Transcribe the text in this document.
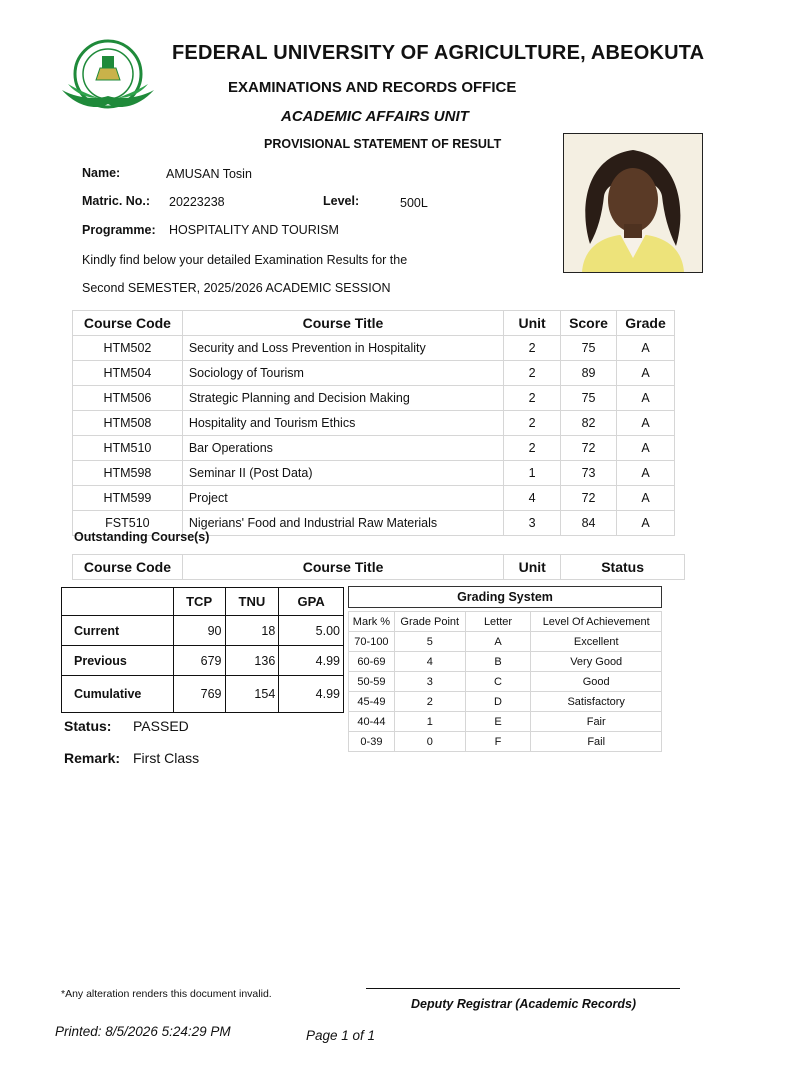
FEDERAL UNIVERSITY OF AGRICULTURE, ABEOKUTA
EXAMINATIONS AND RECORDS OFFICE
ACADEMIC AFFAIRS UNIT
PROVISIONAL STATEMENT OF RESULT
Name:	AMUSAN Tosin
Matric. No.: 20223238	Level:	500L
Programme: HOSPITALITY AND TOURISM
Kindly find below your detailed Examination Results for the
Second SEMESTER, 2025/2026 ACADEMIC SESSION
Course Code	Course Title	Unit	Score	Grade
HTM502	Security and Loss Prevention in Hospitality	2	75	A
HTM504	Sociology of Tourism	2	89	A
HTM506	Strategic Planning and Decision Making	2	75	A
HTM508	Hospitality and Tourism Ethics	2	82	A
HTM510	Bar Operations	2	72	A
HTM598	Seminar II (Post Data)	1	73	A
HTM599	Project	4	72	A
FST510	Nigerians' Food and Industrial Raw Materials	3	84	A
Outstanding Course(s)
Course Code	Course Title	Unit	Status
	TCP	TNU	GPA
Current	90	18	5.00
Previous	679	136	4.99
Cumulative	769	154	4.99
Grading System
Mark %	Grade Point	Letter	Level Of Achievement
70-100	5	A	Excellent
60-69	4	B	Very Good
50-59	3	C	Good
45-49	2	D	Satisfactory
40-44	1	E	Fair
0-39	0	F	Fail
Status: PASSED
Remark: First Class
*Any alteration renders this document invalid.
Deputy Registrar (Academic Records)
Printed: 8/5/2026 5:24:29 PM	Page 1 of 1
